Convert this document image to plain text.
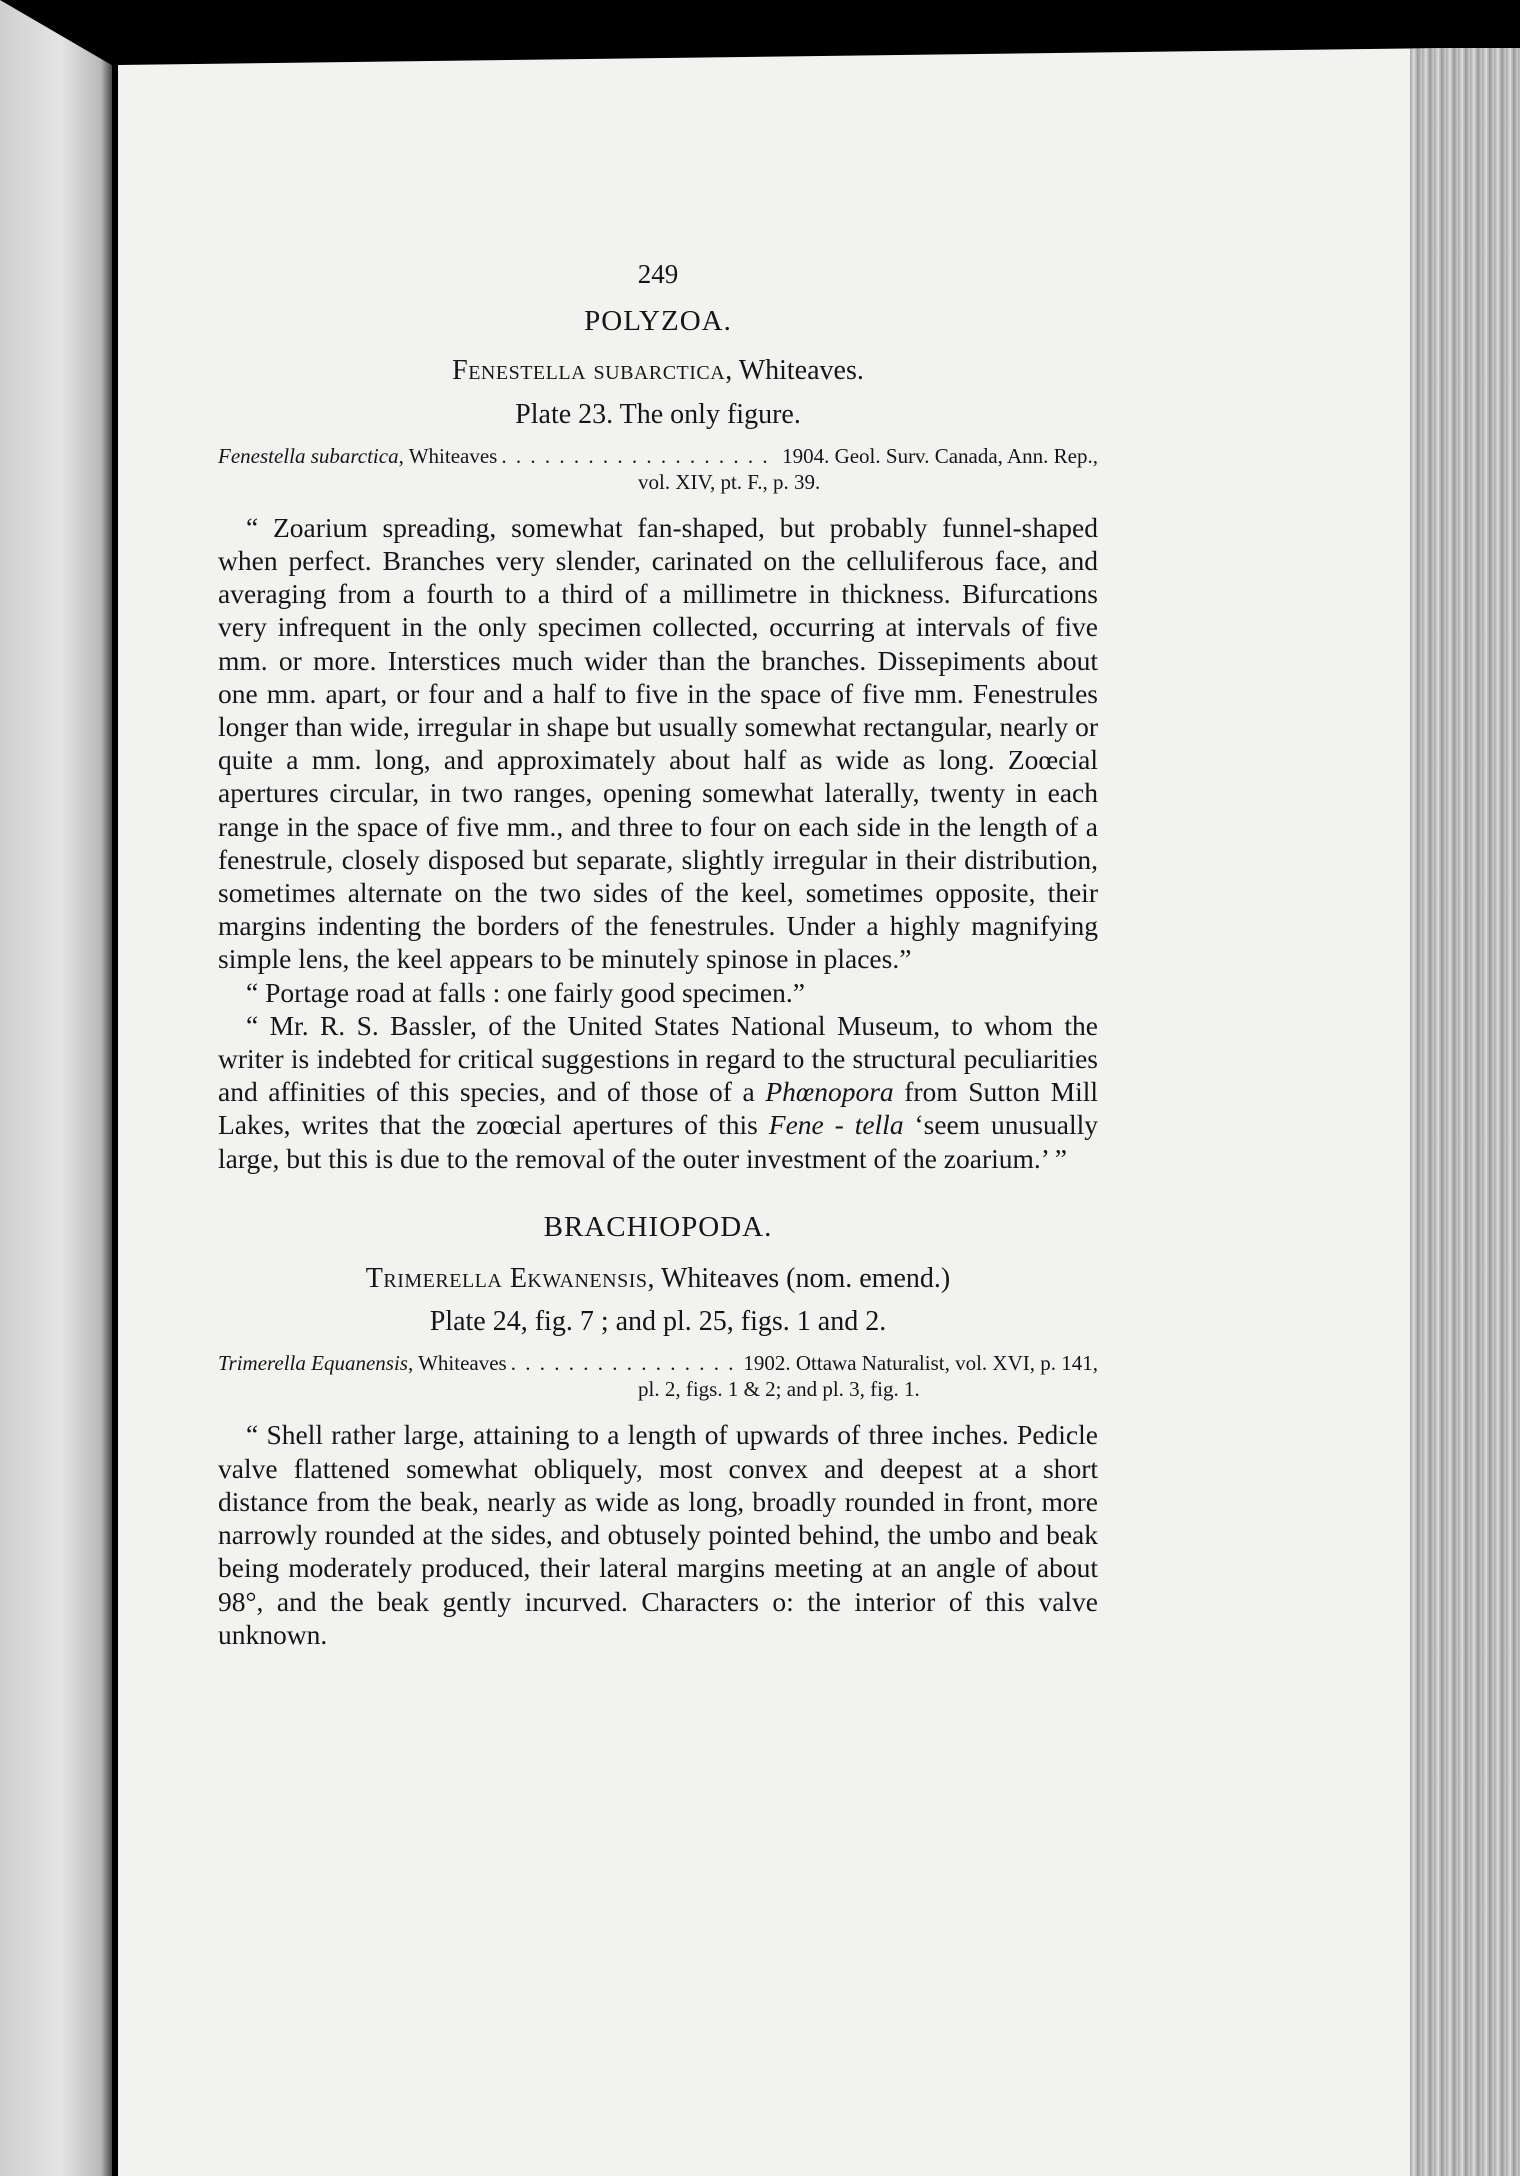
249
POLYZOA.
Fenestella subarctica, Whiteaves.
Plate 23. The only figure.
Fenestella subarctica, Whiteaves . . .	1904. Geol. Surv. Canada, Ann. Rep.,
vol. XIV, pt. F., p. 39.

“ Zoarium spreading, somewhat fan-shaped, but probably funnel-shaped when perfect. Branches very slender, carinated on the celluliferous face, and averaging from a fourth to a third of a millimetre in thickness. Bifurcations very infrequent in the only specimen collected, occurring at intervals of five mm. or more. Interstices much wider than the branches. Dissepiments about one mm. apart, or four and a half to five in the space of five mm. Fenestrules longer than wide, irregular in shape but usually somewhat rectangular, nearly or quite a mm. long, and approximately about half as wide as long. Zoœcial apertures circular, in two ranges, opening somewhat laterally, twenty in each range in the space of five mm., and three to four on each side in the length of a fenestrule, closely disposed but separate, slightly irregular in their distribution, sometimes alternate on the two sides of the keel, sometimes opposite, their margins indenting the borders of the fenestrules. Under a highly magnifying simple lens, the keel appears to be minutely spinose in places.”

“ Portage road at falls : one fairly good specimen.”

“ Mr. R. S. Bassler, of the United States National Museum, to whom the writer is indebted for critical suggestions in regard to the structural peculiarities and affinities of this species, and of those of a Phœnopora from Sutton Mill Lakes, writes that the zoœcial apertures of this Fene - tella ‘seem unusually large, but this is due to the removal of the outer investment of the zoarium.’ ”

BRACHIOPODA.
Trimerella Ekwanensis, Whiteaves (nom. emend.)
Plate 24, fig. 7 ; and pl. 25, figs. 1 and 2.
Trimerella Equanensis, Whiteaves . . .	1902. Ottawa Naturalist, vol. XVI, p. 141,
pl. 2, figs. 1 & 2; and pl. 3, fig. 1.

“ Shell rather large, attaining to a length of upwards of three inches. Pedicle valve flattened somewhat obliquely, most convex and deepest at a short distance from the beak, nearly as wide as long, broadly rounded in front, more narrowly rounded at the sides, and obtusely pointed behind, the umbo and beak being moderately produced, their lateral margins meeting at an angle of about 98°, and the beak gently incurved. Characters o: the interior of this valve unknown.
